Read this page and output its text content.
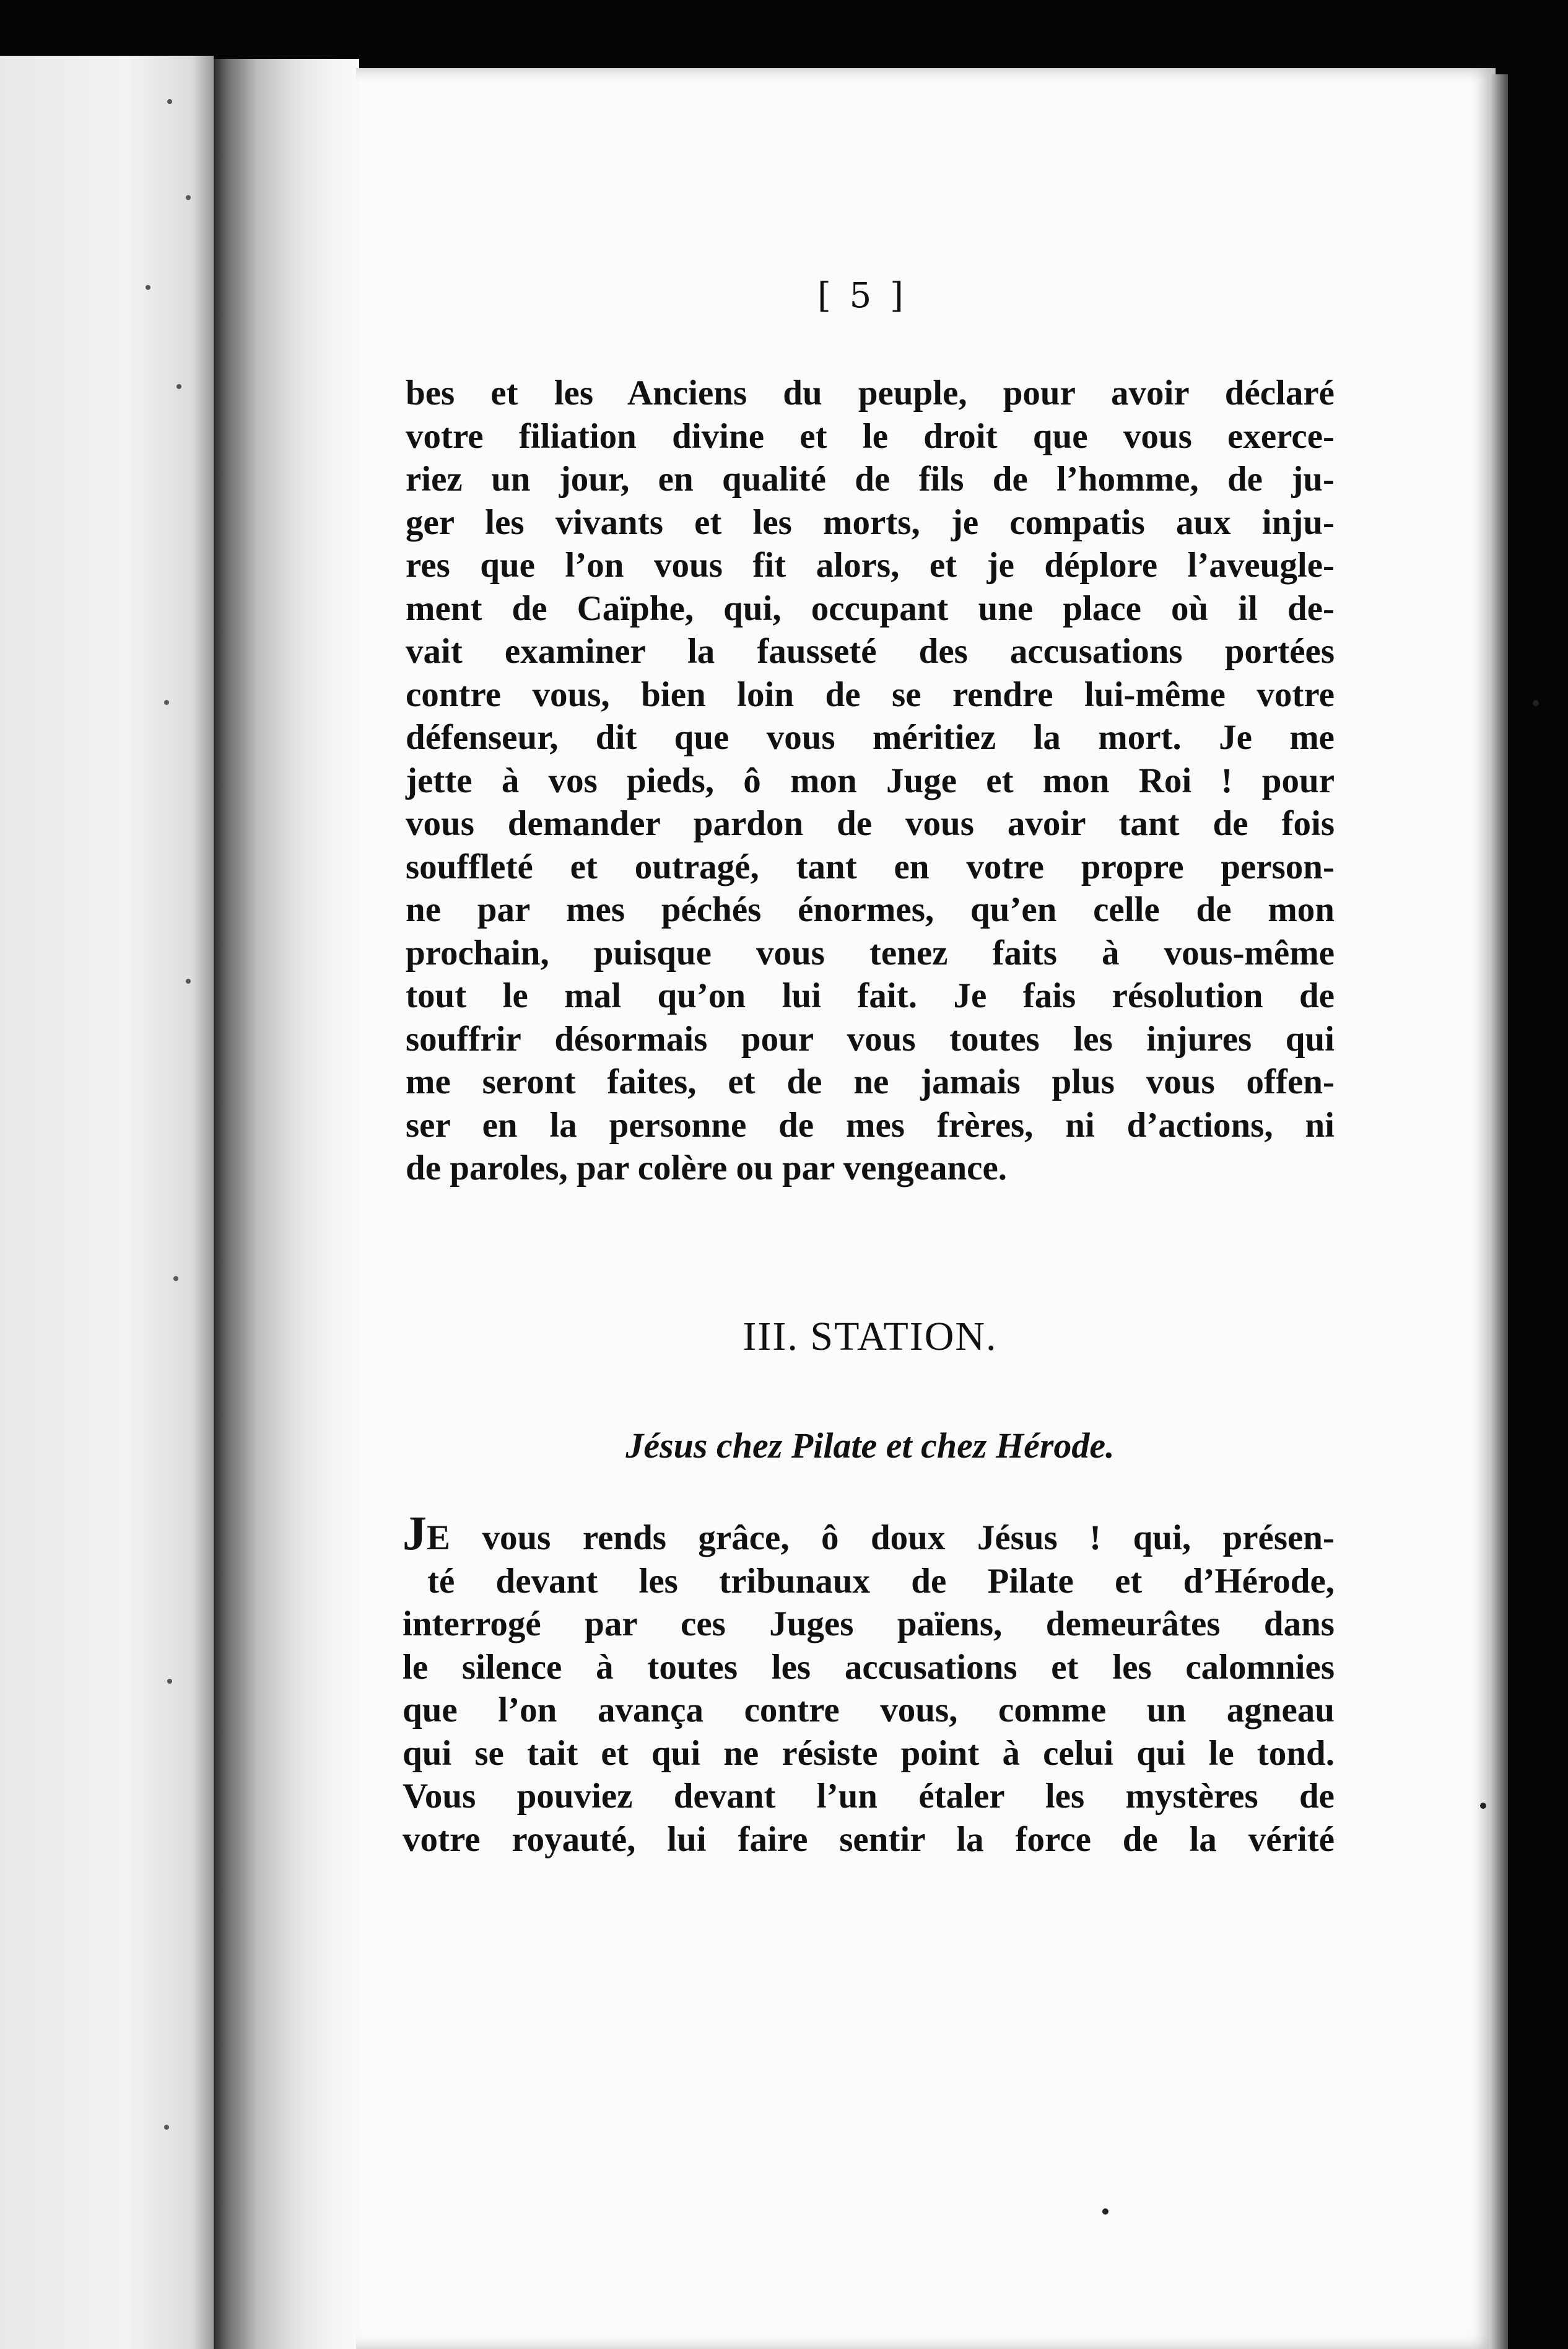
[ 5 ]
bes et les Anciens du peuple, pour avoir déclaré
votre filiation divine et le droit que vous exerce-
riez un jour, en qualité de fils de l’homme, de ju-
ger les vivants et les morts, je compatis aux inju-
res que l’on vous fit alors, et je déplore l’aveugle-
ment de Caïphe, qui, occupant une place où il de-
vait examiner la fausseté des accusations portées
contre vous, bien loin de se rendre lui-même votre
défenseur, dit que vous méritiez la mort. Je me
jette à vos pieds, ô mon Juge et mon Roi ! pour
vous demander pardon de vous avoir tant de fois
souffleté et outragé, tant en votre propre person-
ne par mes péchés énormes, qu’en celle de mon
prochain, puisque vous tenez faits à vous-même
tout le mal qu’on lui fait. Je fais résolution de
souffrir désormais pour vous toutes les injures qui
me seront faites, et de ne jamais plus vous offen-
ser en la personne de mes frères, ni d’actions, ni
de paroles, par colère ou par vengeance.
III. STATION.
Jésus chez Pilate et chez Hérode.
JE vous rends grâce, ô doux Jésus ! qui, présen-
té devant les tribunaux de Pilate et d’Hérode,
interrogé par ces Juges païens, demeurâtes dans
le silence à toutes les accusations et les calomnies
que l’on avança contre vous, comme un agneau
qui se tait et qui ne résiste point à celui qui le tond.
Vous pouviez devant l’un étaler les mystères de
votre royauté, lui faire sentir la force de la vérité
